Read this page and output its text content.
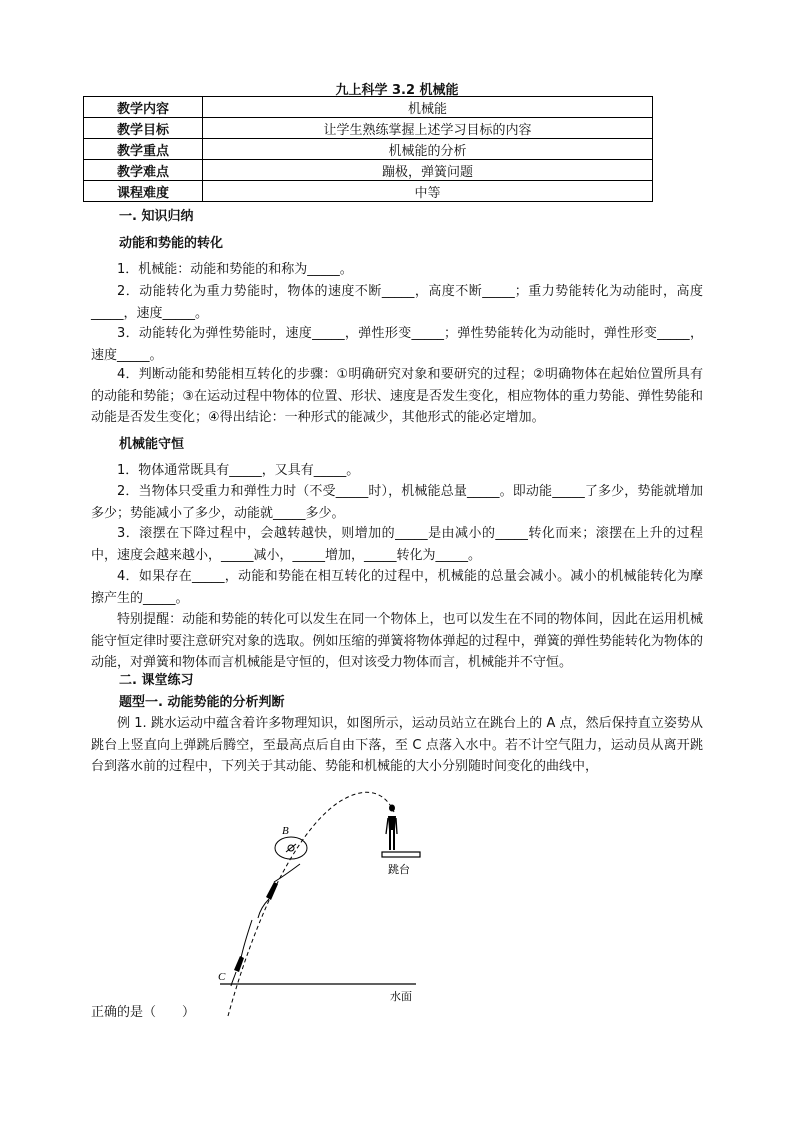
九上科学 3.2 机械能
教学内容	机械能
教学目标	让学生熟练掌握上述学习目标的内容
教学重点	机械能的分析
教学难点	蹦极，弹簧问题
课程难度	中等
一. 知识归纳
动能和势能的转化
1．机械能：动能和势能的和称为_____。
2．动能转化为重力势能时，物体的速度不断_____，高度不断_____；重力势能转化为动能时，高度_____，速度_____。
3．动能转化为弹性势能时，速度_____，弹性形变_____；弹性势能转化为动能时，弹性形变_____，速度_____。
4．判断动能和势能相互转化的步骤：①明确研究对象和要研究的过程；②明确物体在起始位置所具有的动能和势能；③在运动过程中物体的位置、形状、速度是否发生变化，相应物体的重力势能、弹性势能和动能是否发生变化；④得出结论：一种形式的能减少，其他形式的能必定增加。
机械能守恒
1．物体通常既具有_____，又具有_____。
2．当物体只受重力和弹性力时（不受_____时），机械能总量_____。即动能_____了多少，势能就增加多少；势能减小了多少，动能就_____多少。
3．滚摆在下降过程中，会越转越快，则增加的_____是由减小的_____转化而来；滚摆在上升的过程 中，速度会越来越小，_____减小，_____增加，_____转化为_____。
4．如果存在_____，动能和势能在相互转化的过程中，机械能的总量会减小。减小的机械能转化为摩擦产生的_____。
特别提醒：动能和势能的转化可以发生在同一个物体上，也可以发生在不同的物体间，因此在运用机械能守恒定律时要注意研究对象的选取。例如压缩的弹簧将物体弹起的过程中，弹簧的弹性势能转化为物体的动能，对弹簧和物体而言机械能是守恒的，但对该受力物体而言，机械能并不守恒。
二. 课堂练习
题型一. 动能势能的分析判断
例 1. 跳水运动中蕴含着许多物理知识，如图所示，运动员站立在跳台上的 A 点，然后保持直立姿势从跳台上竖直向上弹跳后腾空，至最高点后自由下落，至 C 点落入水中。若不计空气阻力，运动员从离开跳台到落水前的过程中，下列关于其动能、势能和机械能的大小分别随时间变化的曲线中，
B
C
跳台
水面
正确的是（　　）
